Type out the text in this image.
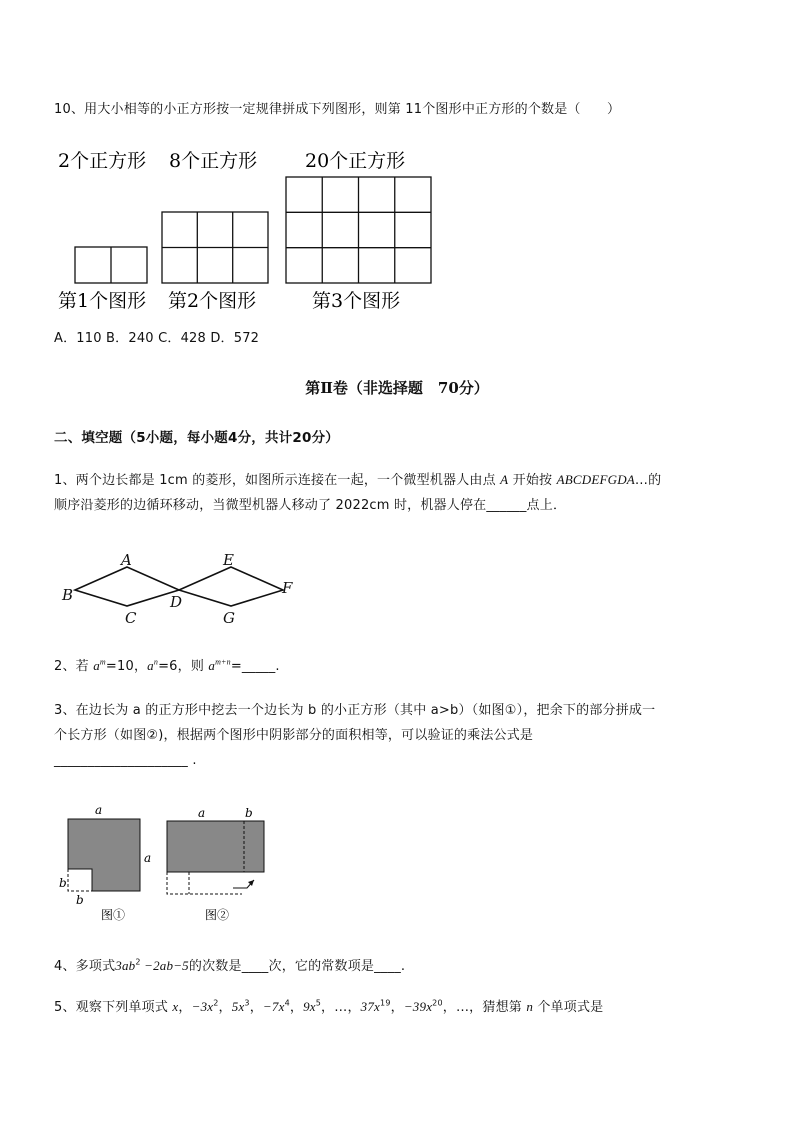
10、用大小相等的小正方形按一定规律拼成下列图形，则第 11个图形中正方形的个数是（　　）
2个正方形 8个正方形	20个正方形
第1个图形 第2个图形	第3个图形
A．110 B．240 C．428 D．572
第Ⅱ卷（非选择题　70分）
二、填空题（5小题，每小题4分，共计20分）
1、两个边长都是 1cm 的菱形，如图所示连接在一起，一个微型机器人由点 A 开始按 ABCDEFGDA…的
顺序沿菱形的边循环移动，当微型机器人移动了 2022cm 时，机器人停在______点上．
A
B
C
D
E
F
G
2、若 $a^m=10$，$a^n=6$，则 $a^{m+n}=\_\_\_\_\_$.
3、在边长为 a 的正方形中挖去一个边长为 b 的小正方形（其中 a>b）（如图①），把余下的部分拼成一
个长方形（如图②)，根据两个图形中阴影部分的面积相等，可以验证的乘法公式是
____________________ .
a
a
b
b
图①
a	b
图②
4、多项式$3ab^2 -2ab-5$的次数是____次，它的常数项是____.
5、观察下列单项式 x，$-3x^2$，$5x^3$，$-7x^4$，$9x^5$，…，$37x^{19}$，$-39x^{20}$，…，猜想第 n 个单项式是
